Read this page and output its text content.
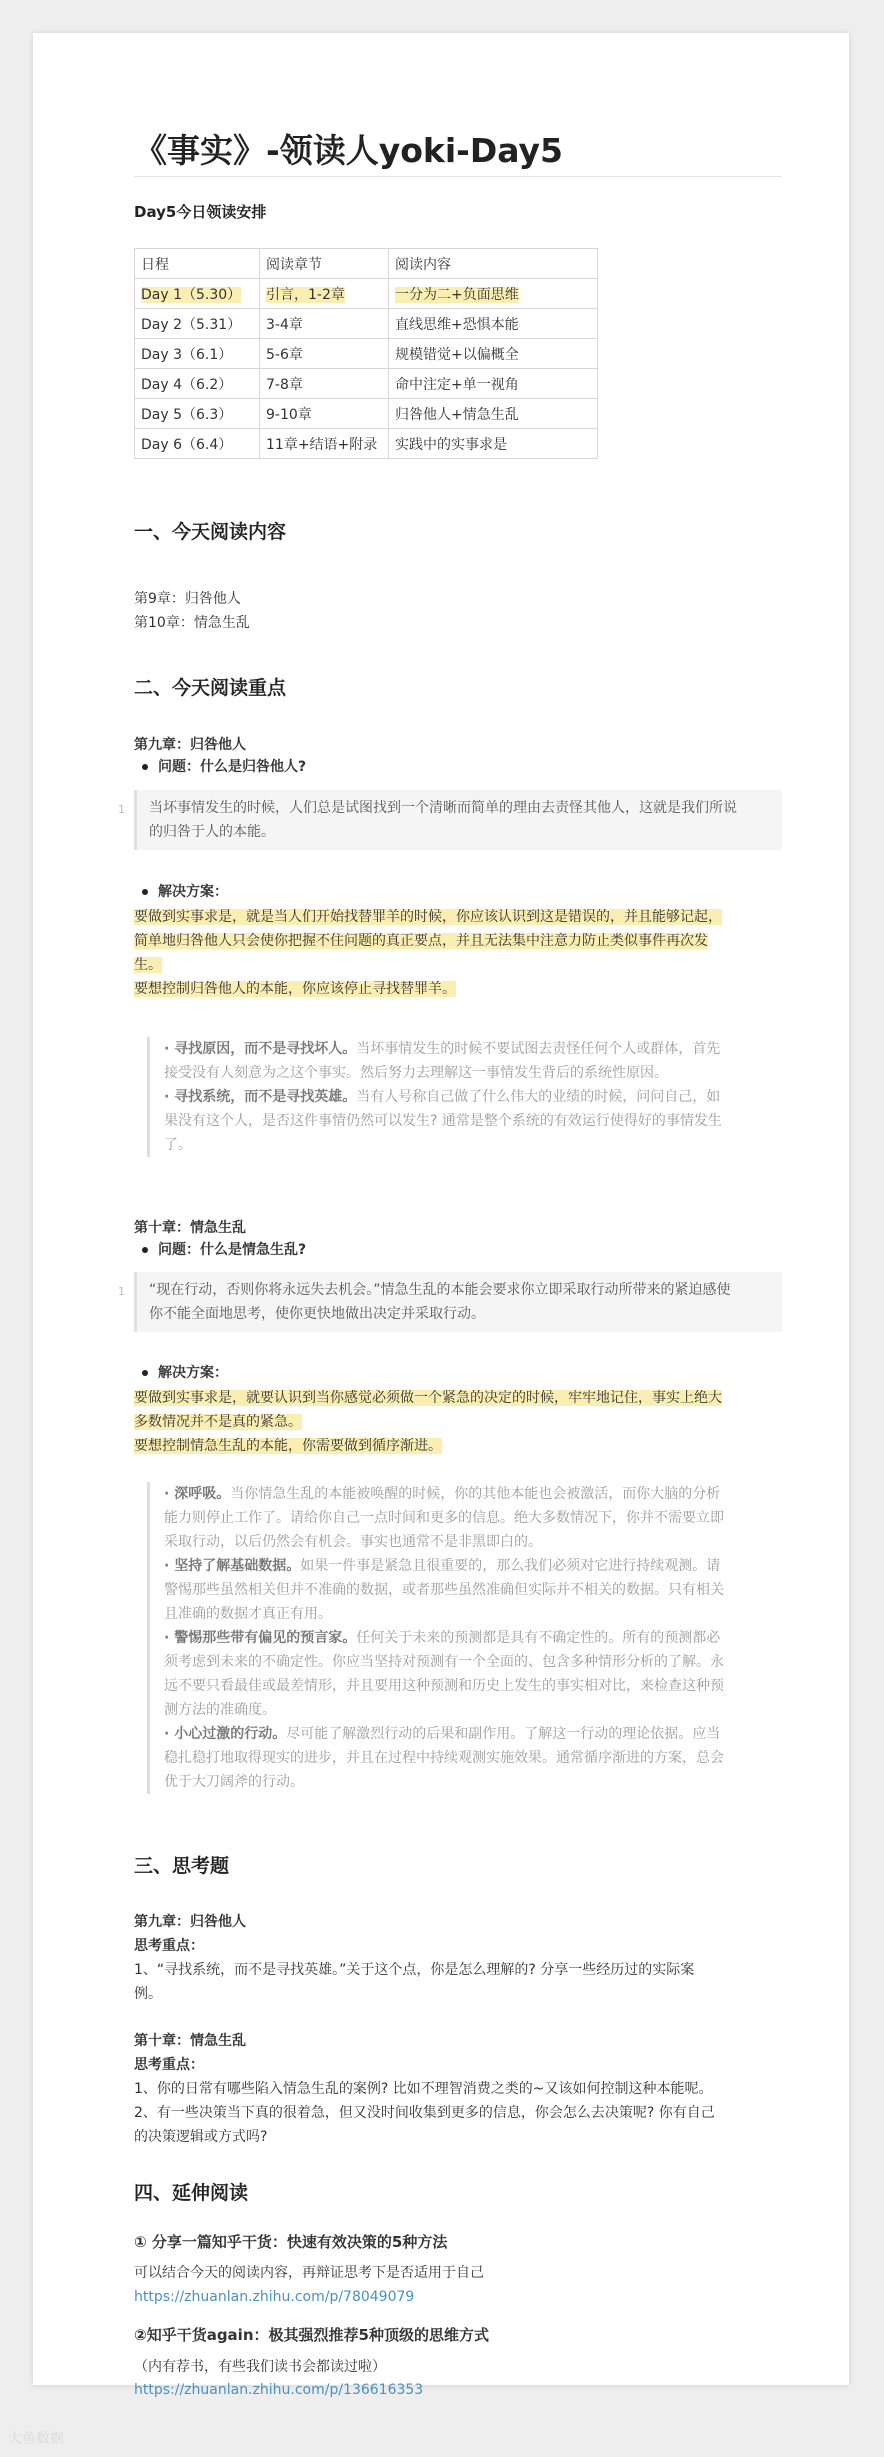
《事实》-领读人yoki-Day5
Day5今日领读安排
日程	阅读章节	阅读内容
Day 1（5.30）	引言，1-2章	一分为二+负面思维
Day 2（5.31）	3-4章	直线思维+恐惧本能
Day 3（6.1）	5-6章	规模错觉+以偏概全
Day 4（6.2）	7-8章	命中注定+单一视角
Day 5（6.3）	9-10章	归咎他人+情急生乱
Day 6（6.4）	11章+结语+附录	实践中的实事求是
一、今天阅读内容
第9章：归咎他人
第10章：情急生乱
二、今天阅读重点
第九章：归咎他人
问题：什么是归咎他人?
1 当坏事情发生的时候，人们总是试图找到一个清晰而简单的理由去责怪其他人，这就是我们所说
的归咎于人的本能。
解决方案：
要做到实事求是，就是当人们开始找替罪羊的时候，你应该认识到这是错误的，并且能够记起，
简单地归咎他人只会使你把握不住问题的真正要点，并且无法集中注意力防止类似事件再次发
生。
要想控制归咎他人的本能，你应该停止寻找替罪羊。
· 寻找原因，而不是寻找坏人。当坏事情发生的时候不要试图去责怪任何个人或群体，首先
接受没有人刻意为之这个事实。然后努力去理解这一事情发生背后的系统性原因。
· 寻找系统，而不是寻找英雄。当有人号称自己做了什么伟大的业绩的时候，问问自己，如
果没有这个人，是否这件事情仍然可以发生? 通常是整个系统的有效运行使得好的事情发生
了。
第十章：情急生乱
问题：什么是情急生乱?
1 “现在行动，否则你将永远失去机会。”情急生乱的本能会要求你立即采取行动所带来的紧迫感使
你不能全面地思考，使你更快地做出决定并采取行动。
解决方案：
要做到实事求是，就要认识到当你感觉必须做一个紧急的决定的时候，牢牢地记住，事实上绝大
多数情况并不是真的紧急。
要想控制情急生乱的本能，你需要做到循序渐进。
· 深呼吸。当你情急生乱的本能被唤醒的时候，你的其他本能也会被激活，而你大脑的分析
能力则停止工作了。请给你自己一点时间和更多的信息。绝大多数情况下，你并不需要立即
采取行动，以后仍然会有机会。事实也通常不是非黑即白的。
· 坚持了解基础数据。如果一件事是紧急且很重要的，那么我们必须对它进行持续观测。请
警惕那些虽然相关但并不准确的数据，或者那些虽然准确但实际并不相关的数据。只有相关
且准确的数据才真正有用。
· 警惕那些带有偏见的预言家。任何关于未来的预测都是具有不确定性的。所有的预测都必
须考虑到未来的不确定性。你应当坚持对预测有一个全面的、包含多种情形分析的了解。永
远不要只看最佳或最差情形，并且要用这种预测和历史上发生的事实相对比，来检查这种预
测方法的准确度。
· 小心过激的行动。尽可能了解激烈行动的后果和副作用。了解这一行动的理论依据。应当
稳扎稳打地取得现实的进步，并且在过程中持续观测实施效果。通常循序渐进的方案，总会
优于大刀阔斧的行动。
三、思考题
第九章：归咎他人
思考重点：
1、“寻找系统，而不是寻找英雄。”关于这个点，你是怎么理解的? 分享一些经历过的实际案
例。
第十章：情急生乱
思考重点：
1、你的日常有哪些陷入情急生乱的案例? 比如不理智消费之类的~又该如何控制这种本能呢。
2、有一些决策当下真的很着急，但又没时间收集到更多的信息，你会怎么去决策呢? 你有自己
的决策逻辑或方式吗?
四、延伸阅读
① 分享一篇知乎干货：快速有效决策的5种方法
可以结合今天的阅读内容，再辩证思考下是否适用于自己
https://zhuanlan.zhihu.com/p/78049079
②知乎干货again：极其强烈推荐5种顶级的思维方式
（内有荐书，有些我们读书会都读过啦）
https://zhuanlan.zhihu.com/p/136616353
大鱼数据
